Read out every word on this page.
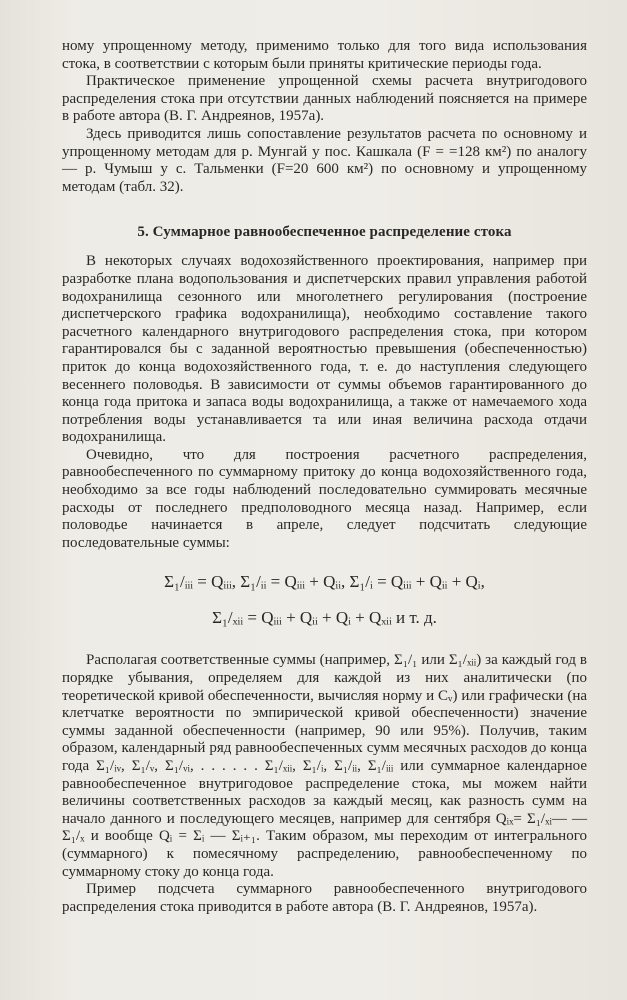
ному упрощенному методу, применимо только для того вида использования стока, в соответствии с которым были приняты критические периоды года.

Практическое применение упрощенной схемы расчета внутригодового распределения стока при отсутствии данных наблюдений поясняется на примере в работе автора (В. Г. Андреянов, 1957а).

Здесь приводится лишь сопоставление результатов расчета по основному и упрощенному методам для р. Мунгай у пос. Кашкала (F = =128 км²) по аналогу — р. Чумыш у с. Тальменки (F=20 600 км²) по основному и упрощенному методам (табл. 32).

5. Суммарное равнообеспеченное распределение стока

В некоторых случаях водохозяйственного проектирования, например при разработке плана водопользования и диспетчерских правил управления работой водохранилища сезонного или многолетнего регулирования (построение диспетчерского графика водохранилища), необходимо составление такого расчетного календарного внутригодового распределения стока, при котором гарантировался бы с заданной вероятностью превышения (обеспеченностью) приток до конца водохозяйственного года, т. е. до наступления следующего весеннего половодья. В зависимости от суммы объемов гарантированного до конца года притока и запаса воды водохранилища, а также от намечаемого хода потребления воды устанавливается та или иная величина расхода отдачи водохранилища.

Очевидно, что для построения расчетного распределения, равнообеспеченного по суммарному притоку до конца водохозяйственного года, необходимо за все годы наблюдений последовательно суммировать месячные расходы от последнего предполоводного месяца назад. Например, если половодье начинается в апреле, следует подсчитать следующие последовательные суммы:

Σ₁/ᵢᵢᵢ = Qᵢᵢᵢ, Σ₁/ᵢᵢ = Qᵢᵢᵢ + Qᵢᵢ, Σ₁/ᵢ = Qᵢᵢᵢ + Qᵢᵢ + Qᵢ,

Σ₁/ₓᵢᵢ = Qᵢᵢᵢ + Qᵢᵢ + Qᵢ + Qₓᵢᵢ и т. д.

Располагая соответственные суммы (например, Σ₁/₁ или Σ₁/ₓᵢᵢ) за каждый год в порядке убывания, определяем для каждой из них аналитически (по теоретической кривой обеспеченности, вычисляя норму и Cᵥ) или графически (на клетчатке вероятности по эмпирической кривой обеспеченности) значение суммы заданной обеспеченности (например, 90 или 95%). Получив, таким образом, календарный ряд равнообеспеченных сумм месячных расходов до конца года Σ₁/ᵢᵥ, Σ₁/ᵥ, Σ₁/ᵥᵢ, . . . . . . Σ₁/ₓᵢᵢ, Σ₁/ᵢ, Σ₁/ᵢᵢ, Σ₁/ᵢᵢᵢ или суммарное календарное равнообеспеченное внутригодовое распределение стока, мы можем найти величины соответственных расходов за каждый месяц, как разность сумм на начало данного и последующего месяцев, например для сентября Qᵢₓ= Σ₁/ₓᵢ— — Σ₁/ₓ и вообще Qᵢ = Σᵢ — Σᵢ₊₁. Таким образом, мы переходим от интегрального (суммарного) к помесячному распределению, равнообеспеченному по суммарному стоку до конца года.

Пример подсчета суммарного равнообеспеченного внутригодового распределения стока приводится в работе автора (В. Г. Андреянов, 1957а).
